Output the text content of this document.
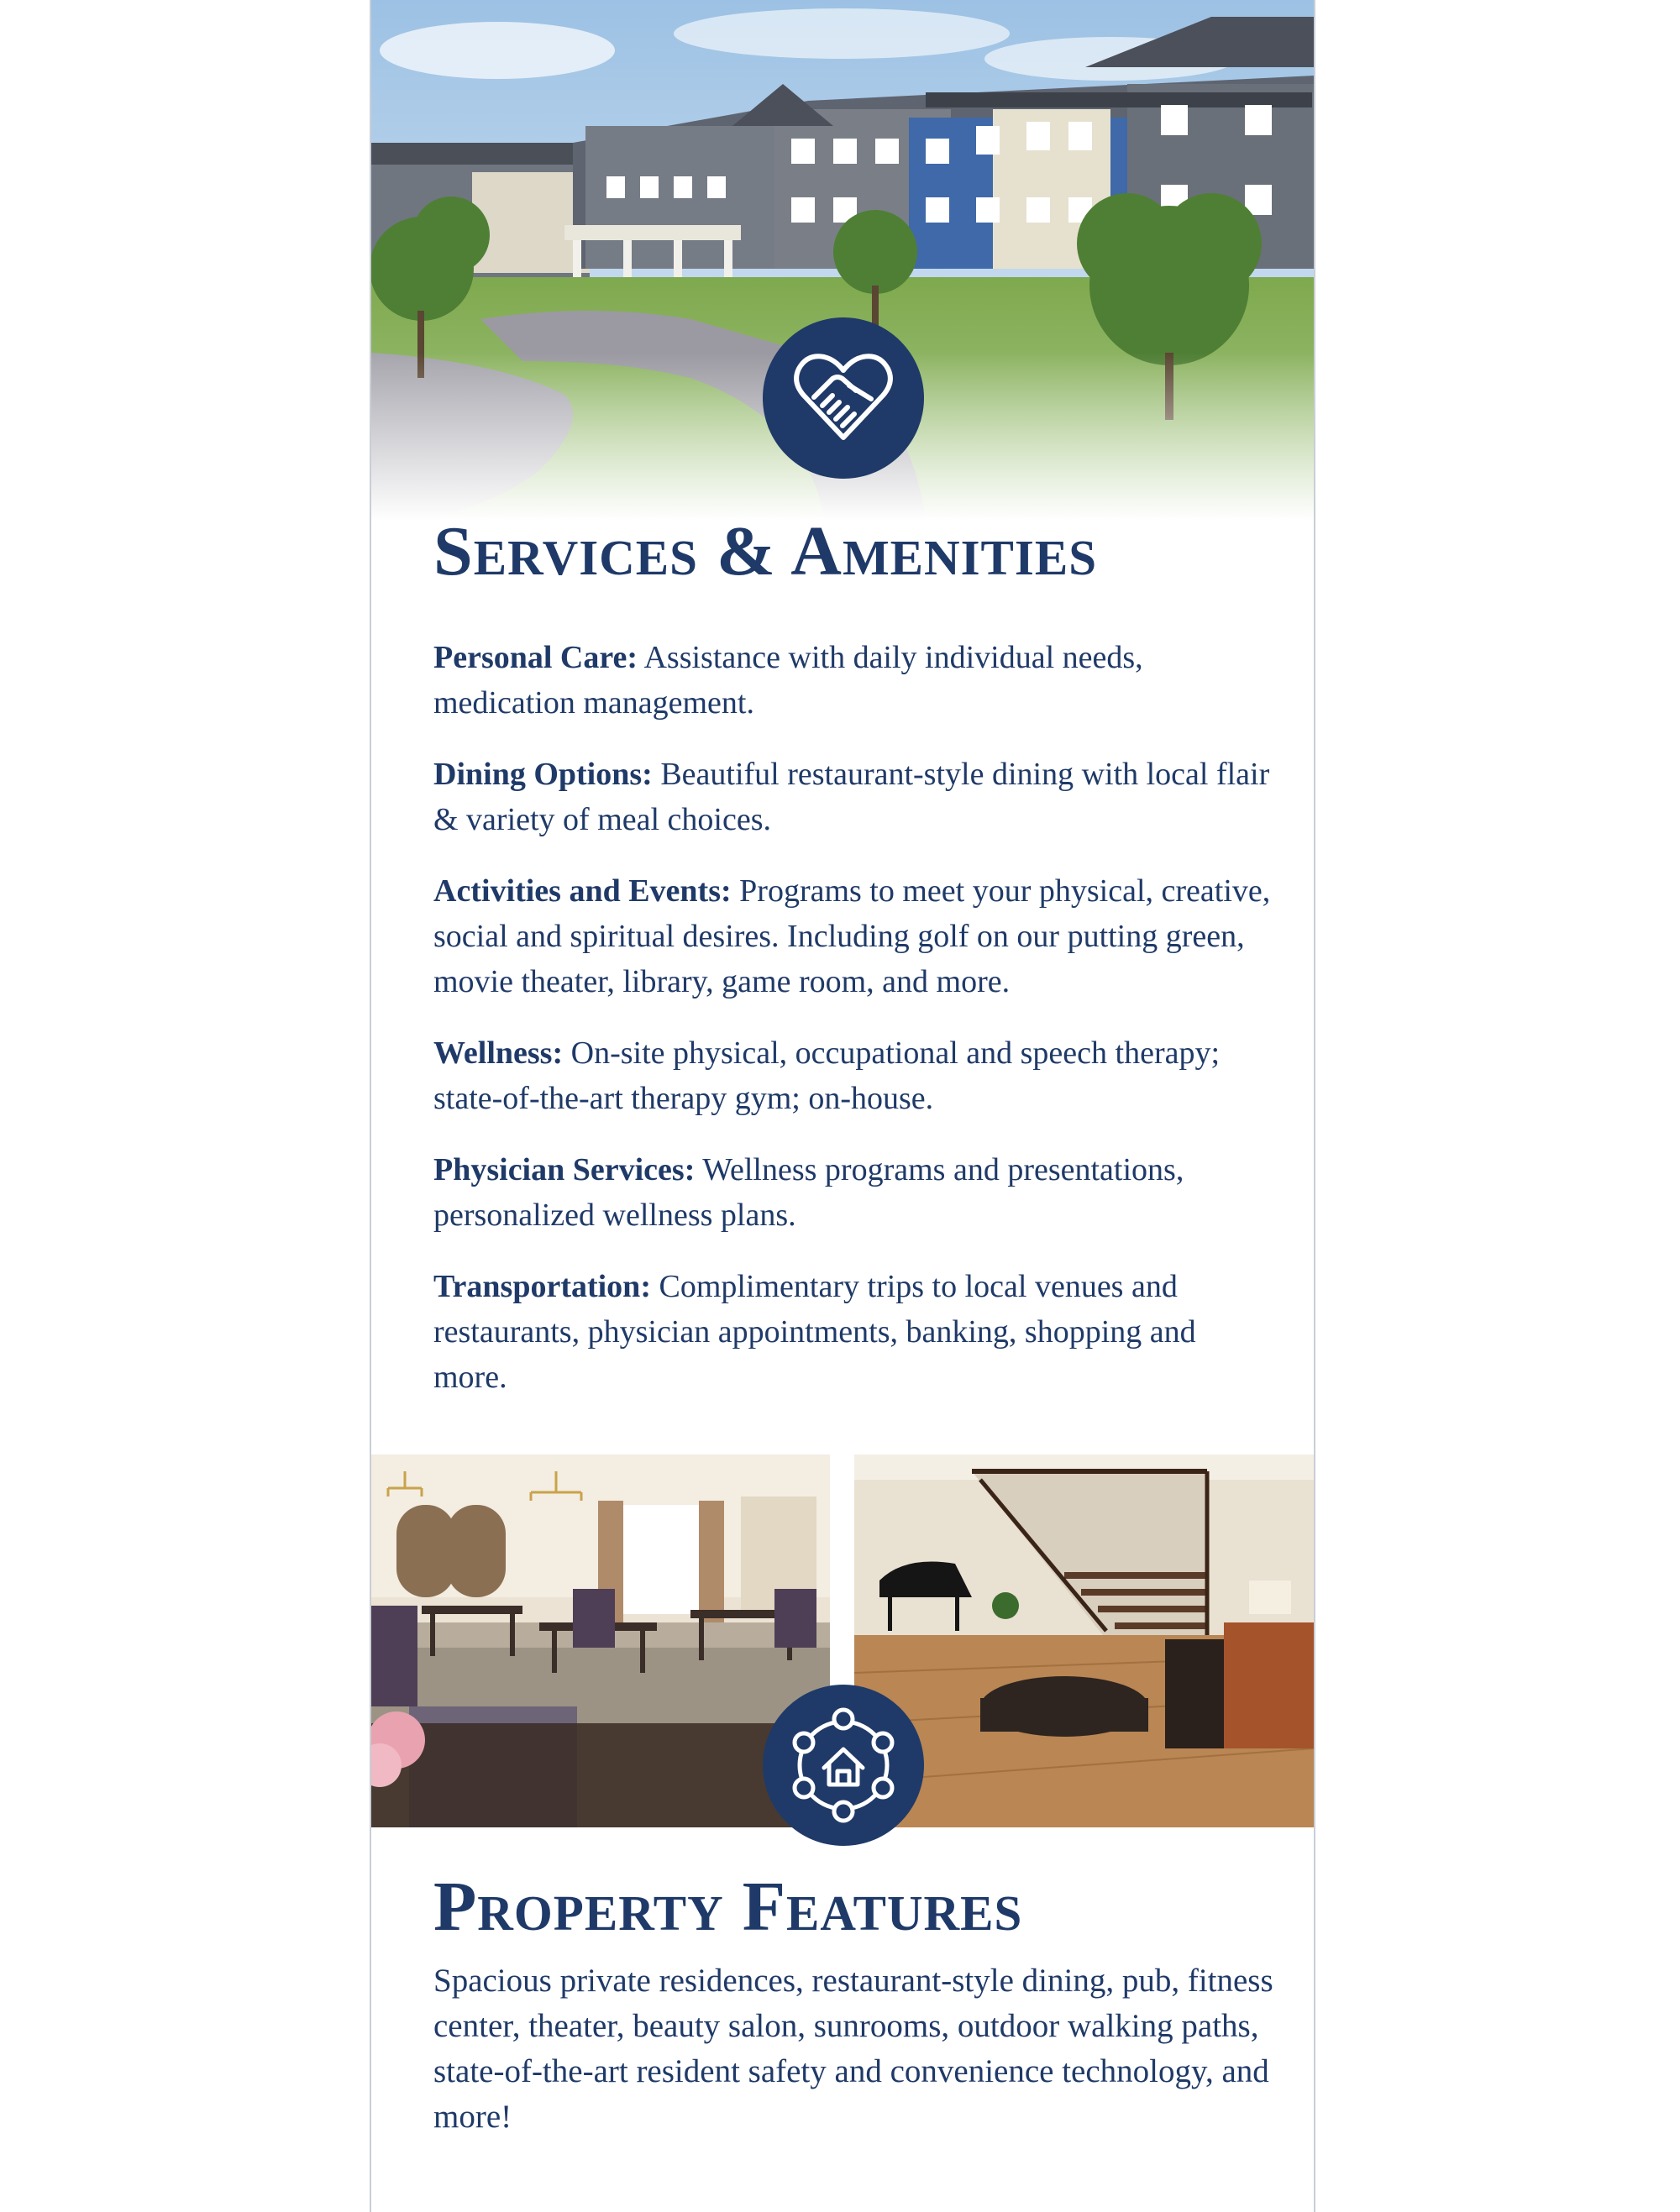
Services & Amenities
Personal Care: Assistance with daily individual needs, medication management.
Dining Options: Beautiful restaurant-style dining with local flair & variety of meal choices.
Activities and Events: Programs to meet your physical, creative, social and spiritual desires. Including golf on our putting green, movie theater, library, game room, and more.
Wellness: On-site physical, occupational and speech therapy; state-of-the-art therapy gym; on-house.
Physician Services: Wellness programs and presentations, personalized wellness plans.
Transportation: Complimentary trips to local venues and restaurants, physician appointments, banking, shopping and more.
Property Features

Spacious private residences, restaurant-style dining, pub, fitness center, theater, beauty salon, sunrooms, outdoor walking paths, state-of-the-art resident safety and convenience technology, and more!
